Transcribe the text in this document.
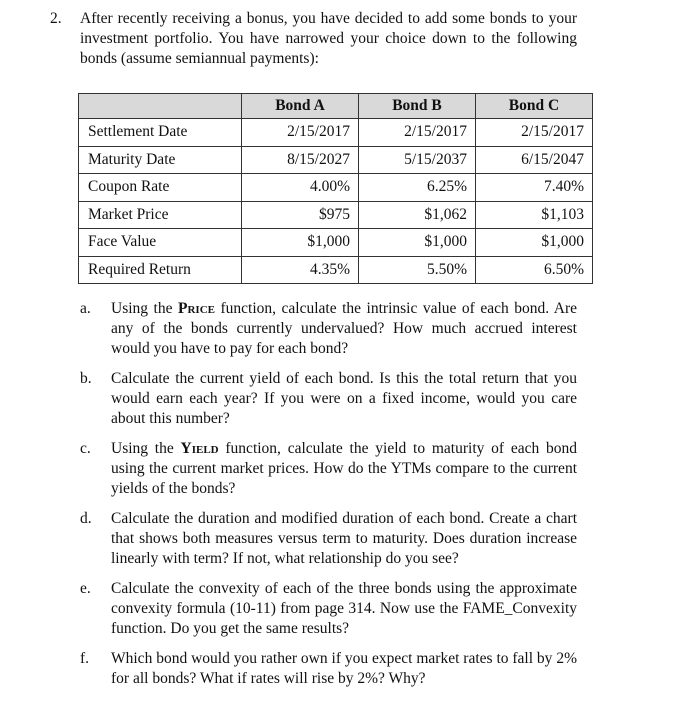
2. After recently receiving a bonus, you have decided to add some bonds to your investment portfolio. You have narrowed your choice down to the following bonds (assume semiannual payments):
	Bond A	Bond B	Bond C
Settlement Date	2/15/2017	2/15/2017	2/15/2017
Maturity Date	8/15/2027	5/15/2037	6/15/2047
Coupon Rate	4.00%	6.25%	7.40%
Market Price	$975	$1,062	$1,103
Face Value	$1,000	$1,000	$1,000
Required Return	4.35%	5.50%	6.50%
a. Using the Price function, calculate the intrinsic value of each bond. Are any of the bonds currently undervalued? How much accrued interest would you have to pay for each bond?
b. Calculate the current yield of each bond. Is this the total return that you would earn each year? If you were on a fixed income, would you care about this number?
c. Using the Yield function, calculate the yield to maturity of each bond using the current market prices. How do the YTMs compare to the current yields of the bonds?
d. Calculate the duration and modified duration of each bond. Create a chart that shows both measures versus term to maturity. Does duration increase linearly with term? If not, what relationship do you see?
e. Calculate the convexity of each of the three bonds using the approximate convexity formula (10-11) from page 314. Now use the FAME_Convexity function. Do you get the same results?
f. Which bond would you rather own if you expect market rates to fall by 2% for all bonds? What if rates will rise by 2%? Why?
